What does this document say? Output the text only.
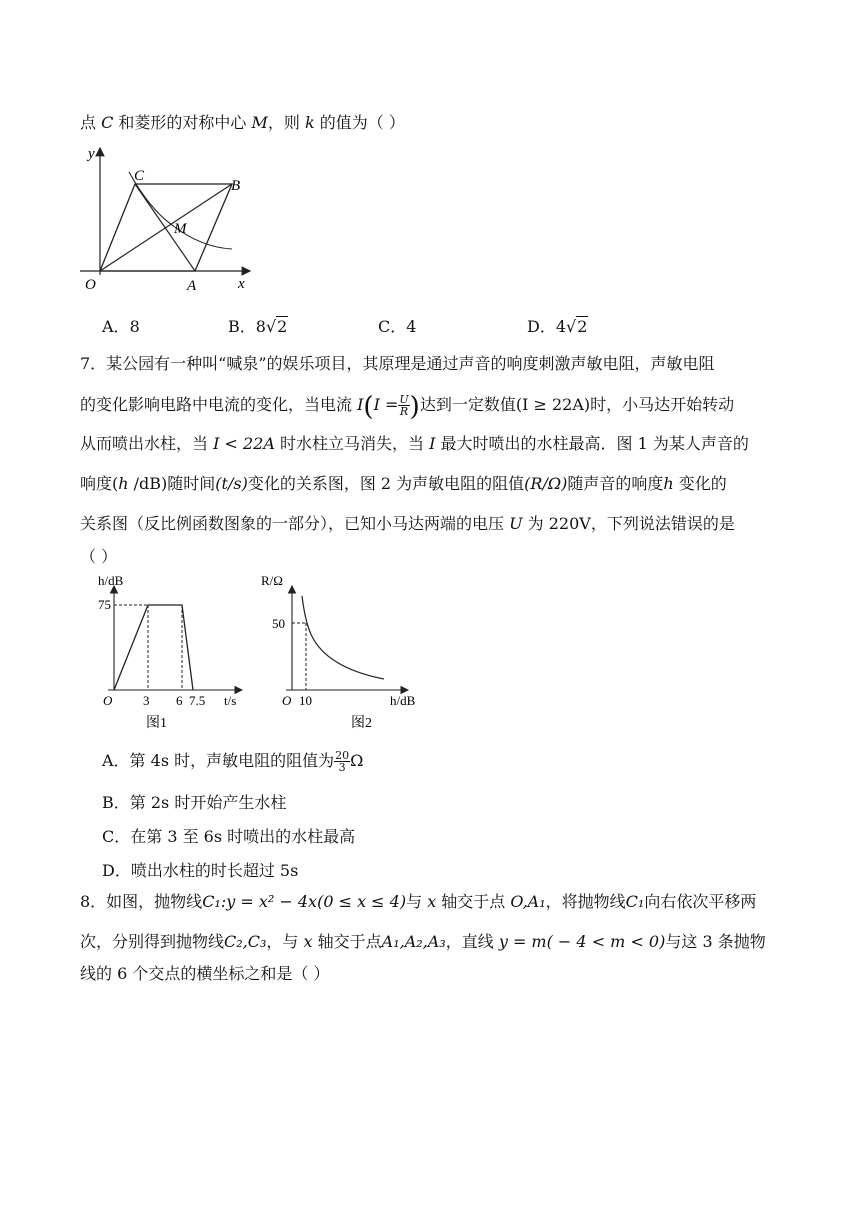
点 C 和菱形的对称中心 M，则 k 的值为（ ）
y
x
O	A
B
C
M
A．8	B．8√2	C．4	D．4√2
7．某公园有一种叫“喊泉”的娱乐项目，其原理是通过声音的响度刺激声敏电阻，声敏电阻
的变化影响电路中电流的变化，当电流 $I(I = \frac{U}{R}$ )达到一定数值(I ≥ 22A)时，小马达开始转动
从而喷出水柱，当 I < 22A 时水柱立马消失，当 I 最大时喷出的水柱最高．图 1 为某人声音的
响度(ℎ /dB)随时间(t/s)变化的关系图，图 2 为声敏电阻的阻值(R/Ω)随声音的响度ℎ 变化的
关系图（反比例函数图象的一部分），已知小马达两端的电压 U 为 220V，下列说法错误的是
（ ）
h/dB
t/s
O
75
3 6 7.5
图1
R/Ω
h/dB
O
50
10
图2
A．第 4s 时，声敏电阻的阻值为 $\frac{20}{3}$ Ω
B．第 2s 时开始产生水柱
C．在第 3 至 6s 时喷出的水柱最高
D．喷出水柱的时长超过 5s
8．如图，抛物线C₁:y = x² − 4x(0 ≤ x ≤ 4)与 x 轴交于点 O,A₁，将抛物线C₁向右依次平移两
次，分别得到抛物线C₂,C₃，与 x 轴交于点A₁,A₂,A₃，直线 y = m( − 4 < m < 0)与这 3 条抛物
线的 6 个交点的横坐标之和是（ ）
